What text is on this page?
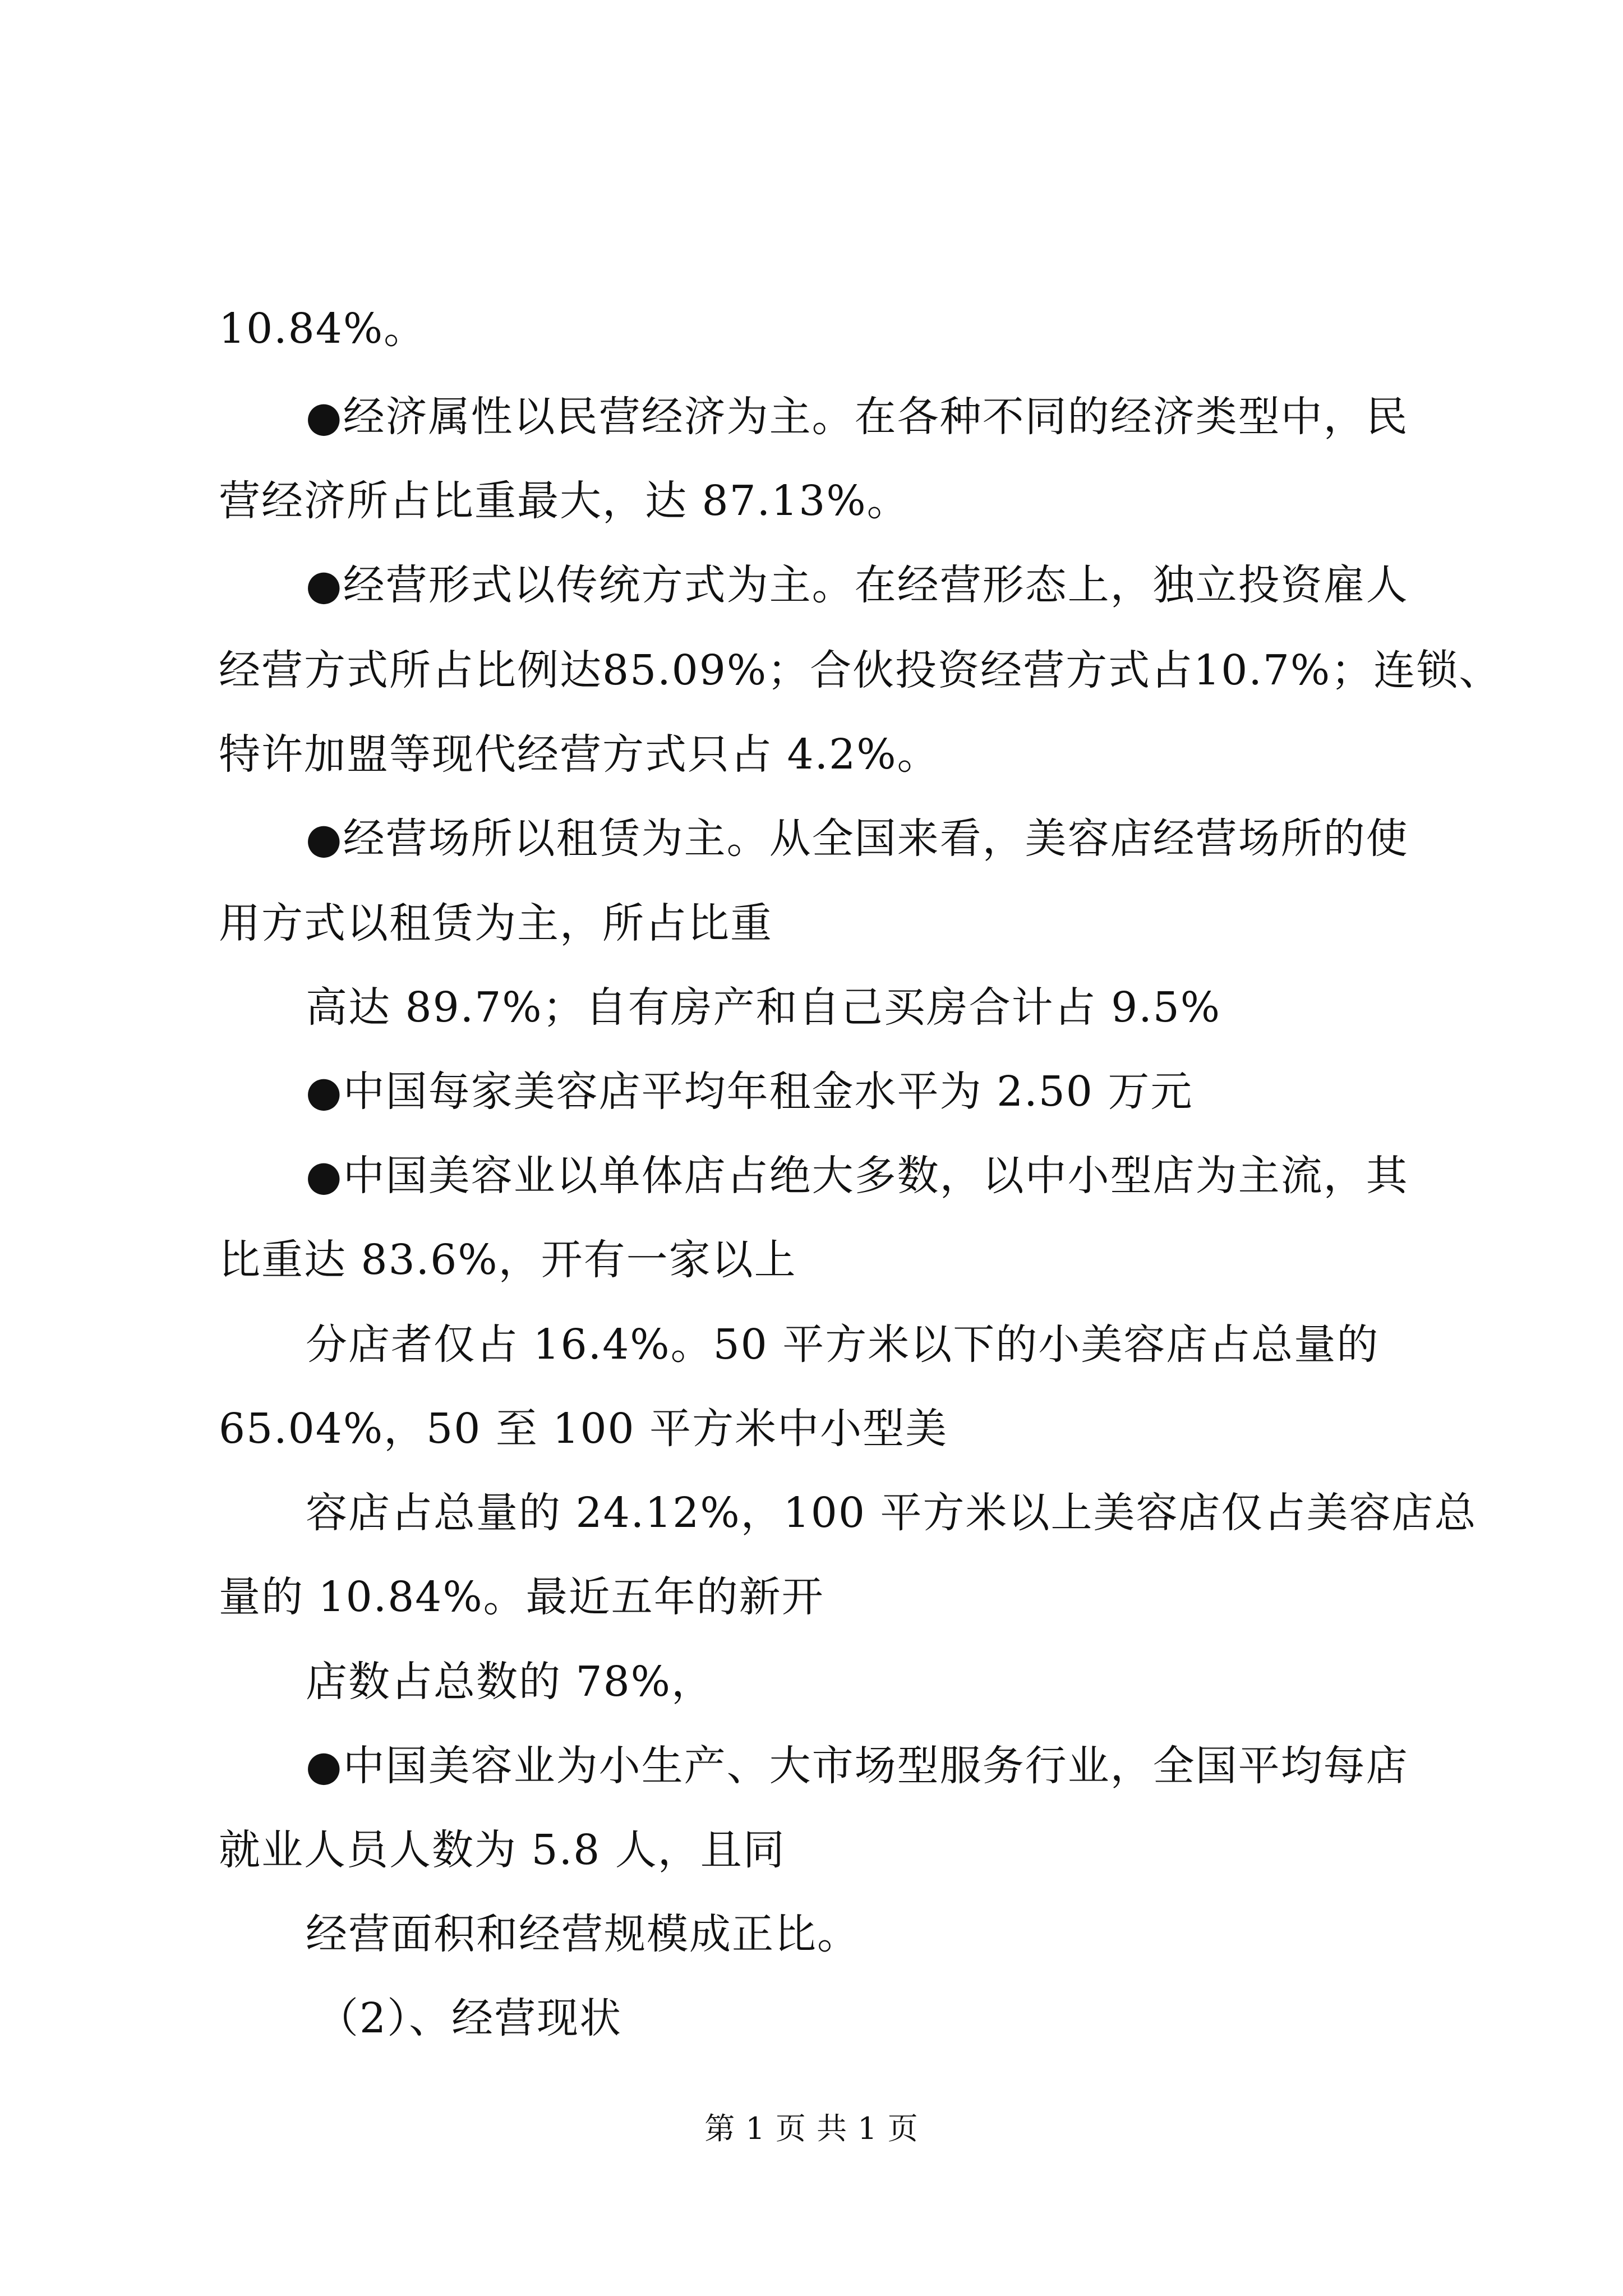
10.84%。
●经济属性以民营经济为主。在各种不同的经济类型中，民
营经济所占比重最大，达 87.13%。
●经营形式以传统方式为主。在经营形态上，独立投资雇人
经营方式所占比例达85.09%；合伙投资经营方式占10.7%；连锁、
特许加盟等现代经营方式只占 4.2%。
●经营场所以租赁为主。从全国来看，美容店经营场所的使
用方式以租赁为主，所占比重
高达 89.7%；自有房产和自己买房合计占 9.5%
●中国每家美容店平均年租金水平为 2.50 万元
●中国美容业以单体店占绝大多数，以中小型店为主流，其
比重达 83.6%，开有一家以上
分店者仅占 16.4%。50 平方米以下的小美容店占总量的
65.04%，50 至 100 平方米中小型美
容店占总量的 24.12%，100 平方米以上美容店仅占美容店总
量的 10.84%。最近五年的新开
店数占总数的 78%，
●中国美容业为小生产、大市场型服务行业，全国平均每店
就业人员人数为 5.8 人，且同
经营面积和经营规模成正比。
（2）、经营现状
第 1 页 共 1 页
